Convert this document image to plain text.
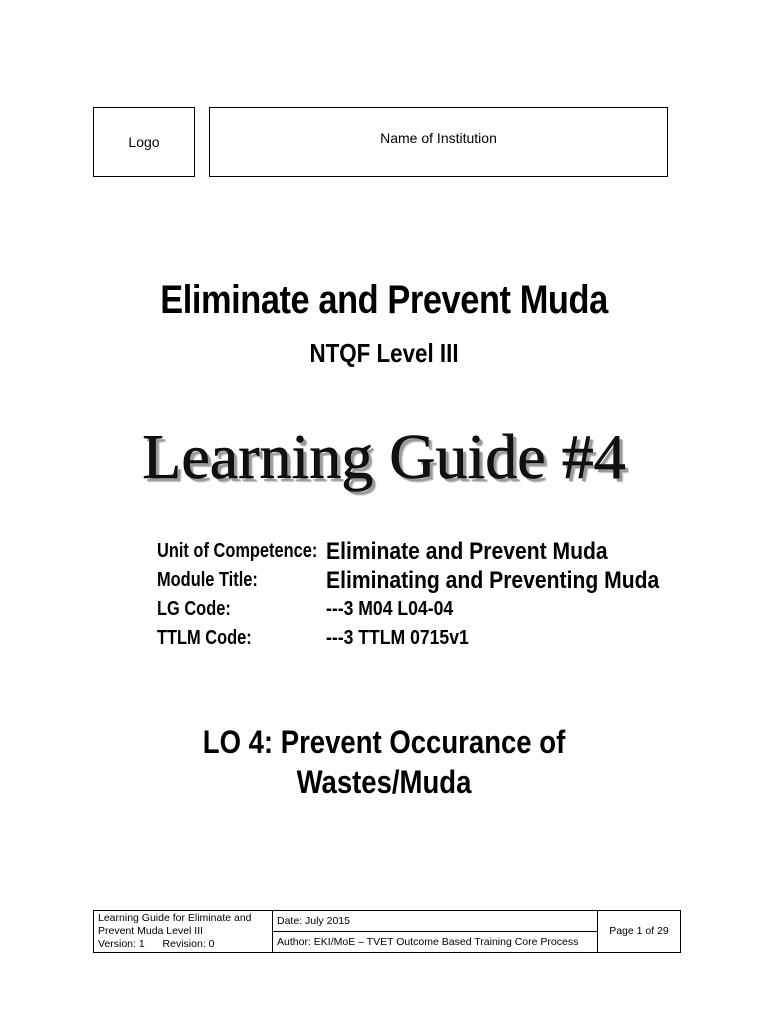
Logo	Name of Institution
Eliminate and Prevent Muda
NTQF Level III
Learning Guide #4
Unit of Competence: Eliminate and Prevent Muda
Module Title:	Eliminating and Preventing Muda
LG Code:	---3 M04 L04-04
TTLM Code:	---3 TTLM 0715v1
LO 4: Prevent Occurance of
Wastes/Muda
Learning Guide for Eliminate and
Prevent Muda Level III
Version: 1 Revision: 0
	Date: July 2015	Page 1 of 29
Author: EKI/MoE – TVET Outcome Based Training Core Process
